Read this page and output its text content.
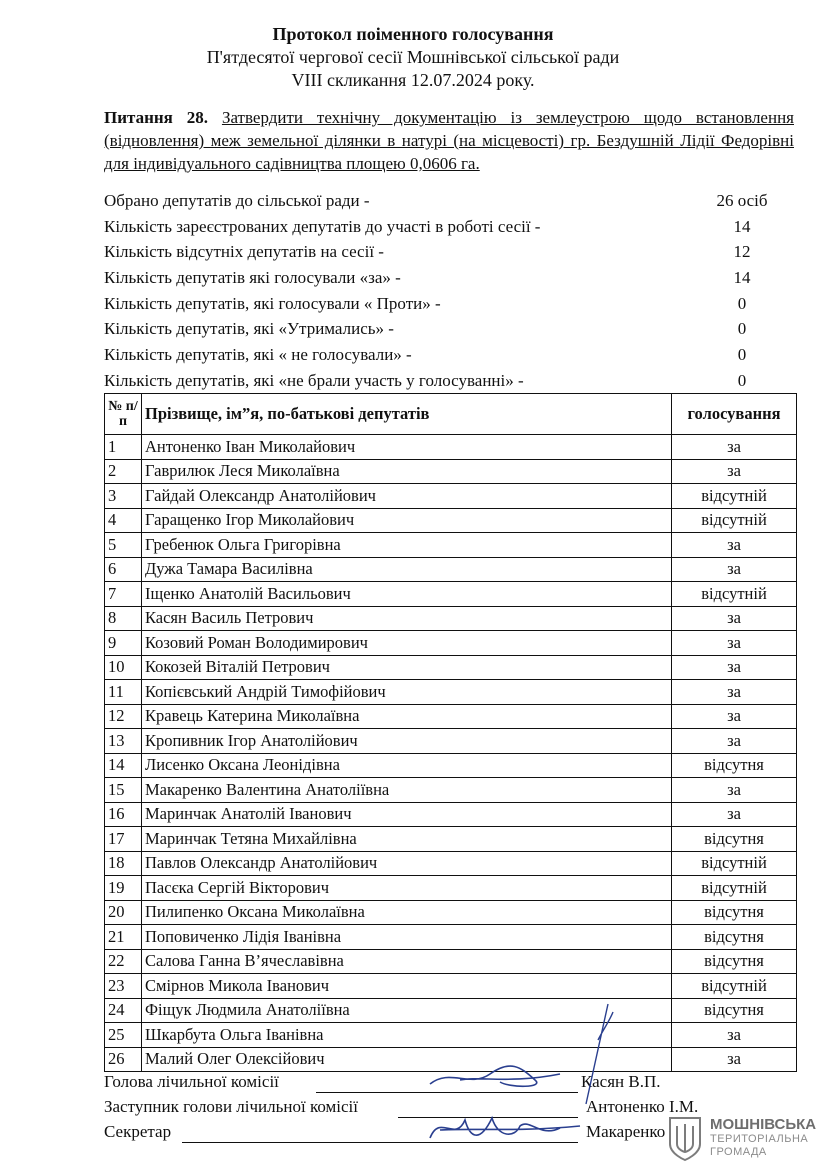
Протокол поіменного голосування
П'ятдесятої чергової сесії Мошнівської сільської ради
VIII скликання 12.07.2024 року.
Питання 28. Затвердити технічну документацію із землеустрою щодо встановлення (відновлення) меж земельної ділянки в натурі (на місцевості) гр. Бездушній Лідії Федорівні для індивідуального садівництва площею 0,0606 га.
Обрано депутатів до сільської ради -	26 осіб
Кількість зареєстрованих депутатів до участі в роботі сесії -	14
Кількість відсутніх депутатів на сесії -	12
Кількість депутатів які голосували «за» -	14
Кількість депутатів, які голосували « Проти» -	0
Кількість депутатів, які «Утримались» -	0
Кількість депутатів, які « не голосували» -	0
Кількість депутатів, які «не брали участь у голосуванні» -	0
№ п/п	Прізвище, ім”я, по-батькові депутатів	голосування
1	Антоненко Іван Миколайович	за
2	Гаврилюк Леся Миколаївна	за
3	Гайдай Олександр Анатолійович	відсутній
4	Гаращенко Ігор Миколайович	відсутній
5	Гребенюк Ольга Григорівна	за
6	Дужа Тамара Василівна	за
7	Іщенко Анатолій Васильович	відсутній
8	Касян Василь Петрович	за
9	Козовий Роман Володимирович	за
10	Кокозей Віталій Петрович	за
11	Копієвський Андрій Тимофійович	за
12	Кравець Катерина Миколаївна	за
13	Кропивник Ігор Анатолійович	за
14	Лисенко Оксана Леонідівна	відсутня
15	Макаренко Валентина Анатоліївна	за
16	Маринчак Анатолій Іванович	за
17	Маринчак Тетяна Михайлівна	відсутня
18	Павлов Олександр Анатолійович	відсутній
19	Пасєка Сергій Вікторович	відсутній
20	Пилипенко Оксана Миколаївна	відсутня
21	Поповиченко Лідія Іванівна	відсутня
22	Салова Ганна В’ячеславівна	відсутня
23	Смірнов Микола Іванович	відсутній
24	Фіщук Людмила Анатоліївна	відсутня
25	Шкарбута Ольга Іванівна	за
26	Малий Олег Олексійович	за
Голова лічильної комісії	Касян В.П.
Заступник голови лічильної комісії	Антоненко І.М.
Секретар	Макаренко	МОШНІВСЬКА
ТЕРИТОРІАЛЬНА
ГРОМАДА
